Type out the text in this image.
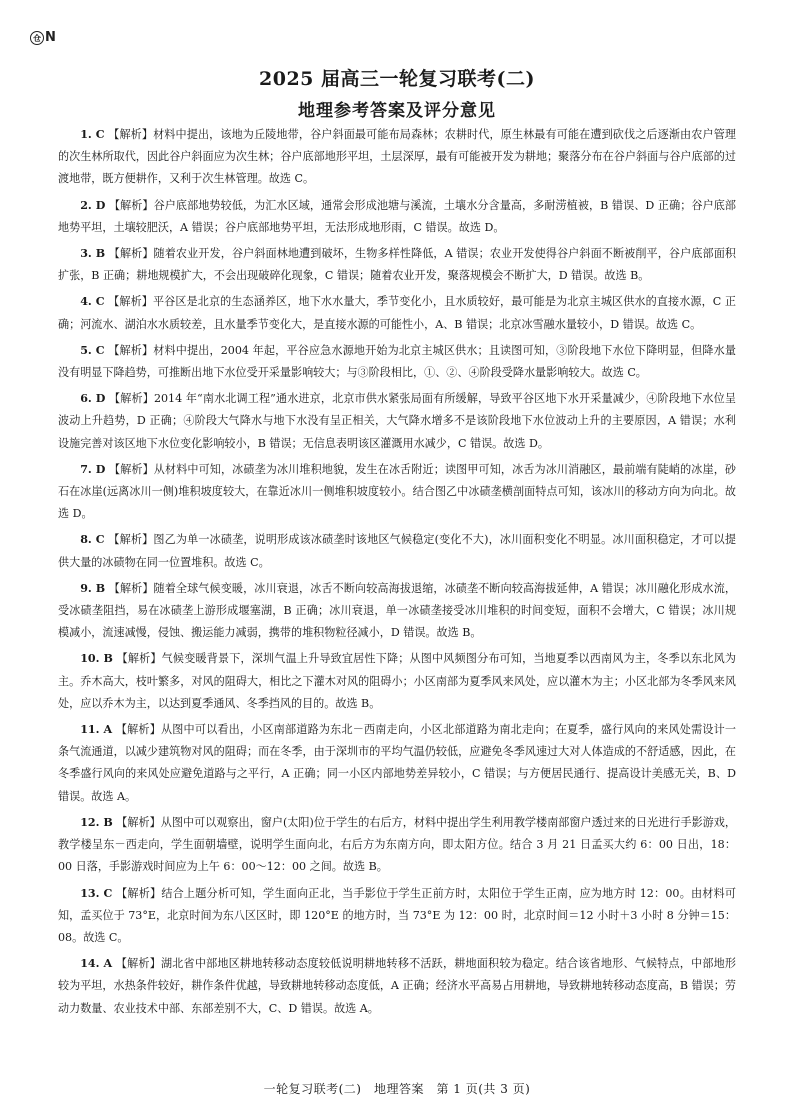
仓 N
2025 届高三一轮复习联考(二)
地理参考答案及评分意见

1. C 【解析】材料中提出，该地为丘陵地带，谷户斜面最可能布局森林；农耕时代，原生林最有可能在遭到砍伐之后逐渐由农户管理的次生林所取代，因此谷户斜面应为次生林；谷户底部地形平坦，土层深厚，最有可能被开发为耕地；聚落分布在谷户斜面与谷户底部的过渡地带，既方便耕作，又利于次生林管理。故选 C。

2. D 【解析】谷户底部地势较低，为汇水区域，通常会形成池塘与溪流，土壤水分含量高，多耐涝植被，B 错误、D 正确；谷户底部地势平坦，土壤较肥沃，A 错误；谷户底部地势平坦，无法形成地形雨，C 错误。故选 D。

3. B 【解析】随着农业开发，谷户斜面林地遭到破坏，生物多样性降低，A 错误；农业开发使得谷户斜面不断被削平，谷户底部面积扩张，B 正确；耕地规模扩大，不会出现破碎化现象，C 错误；随着农业开发，聚落规模会不断扩大，D 错误。故选 B。

4. C 【解析】平谷区是北京的生态涵养区，地下水水量大，季节变化小，且水质较好，最可能是为北京主城区供水的直接水源，C 正确；河流水、湖泊水水质较差，且水量季节变化大，是直接水源的可能性小，A、B 错误；北京冰雪融水量较小，D 错误。故选 C。

5. C 【解析】材料中提出，2004 年起，平谷应急水源地开始为北京主城区供水；且读图可知，③阶段地下水位下降明显，但降水量没有明显下降趋势，可推断出地下水位受开采量影响较大；与③阶段相比，①、②、④阶段受降水量影响较大。故选 C。

6. D 【解析】2014 年“南水北调工程”通水进京，北京市供水紧张局面有所缓解，导致平谷区地下水开采量减少，④阶段地下水位呈波动上升趋势，D 正确；④阶段大气降水与地下水没有呈正相关，大气降水增多不是该阶段地下水位波动上升的主要原因，A 错误；水利设施完善对该区地下水位变化影响较小，B 错误；无信息表明该区灌溉用水减少，C 错误。故选 D。

7. D 【解析】从材料中可知，冰碛垄为冰川堆积地貌，发生在冰舌附近；读图甲可知，冰舌为冰川消融区，最前端有陡峭的冰崖，砂石在冰崖(远离冰川一侧)堆积坡度较大，在靠近冰川一侧堆积坡度较小。结合图乙中冰碛垄横剖面特点可知，该冰川的移动方向为向北。故选 D。

8. C 【解析】图乙为单一冰碛垄，说明形成该冰碛垄时该地区气候稳定(变化不大)，冰川面积变化不明显。冰川面积稳定，才可以提供大量的冰碛物在同一位置堆积。故选 C。

9. B 【解析】随着全球气候变暖，冰川衰退，冰舌不断向较高海拔退缩，冰碛垄不断向较高海拔延伸，A 错误；冰川融化形成水流，受冰碛垄阻挡，易在冰碛垄上游形成堰塞湖，B 正确；冰川衰退，单一冰碛垄接受冰川堆积的时间变短，面积不会增大，C 错误；冰川规模减小，流速减慢，侵蚀、搬运能力减弱，携带的堆积物粒径减小，D 错误。故选 B。

10. B 【解析】气候变暖背景下，深圳气温上升导致宜居性下降；从图中风频图分布可知，当地夏季以西南风为主，冬季以东北风为主。乔木高大，枝叶繁多，对风的阻碍大，相比之下灌木对风的阻碍小；小区南部为夏季风来风处，应以灌木为主；小区北部为冬季风来风处，应以乔木为主，以达到夏季通风、冬季挡风的目的。故选 B。

11. A 【解析】从图中可以看出，小区南部道路为东北－西南走向，小区北部道路为南北走向；在夏季，盛行风向的来风处需设计一条气流通道，以减少建筑物对风的阻碍；而在冬季，由于深圳市的平均气温仍较低，应避免冬季风速过大对人体造成的不舒适感，因此，在冬季盛行风向的来风处应避免道路与之平行，A 正确；同一小区内部地势差异较小，C 错误；与方便居民通行、提高设计美感无关，B、D 错误。故选 A。

12. B 【解析】从图中可以观察出，窗户(太阳)位于学生的右后方，材料中提出学生利用教学楼南部窗户透过来的日光进行手影游戏，教学楼呈东－西走向，学生面朝墙壁，说明学生面向北，右后方为东南方向，即太阳方位。结合 3 月 21 日孟买大约 6：00 日出，18：00 日落，手影游戏时间应为上午 6：00～12：00 之间。故选 B。

13. C 【解析】结合上题分析可知，学生面向正北，当手影位于学生正前方时，太阳位于学生正南，应为地方时 12：00。由材料可知，孟买位于 73°E，北京时间为东八区区时，即 120°E 的地方时，当 73°E 为 12：00 时，北京时间＝12 小时＋3 小时 8 分钟＝15：08。故选 C。

14. A 【解析】湖北省中部地区耕地转移动态度较低说明耕地转移不活跃，耕地面积较为稳定。结合该省地形、气候特点，中部地形较为平坦，水热条件较好，耕作条件优越，导致耕地转移动态度低，A 正确；经济水平高易占用耕地，导致耕地转移动态度高，B 错误；劳动力数量、农业技术中部、东部差别不大，C、D 错误。故选 A。

一轮复习联考(二)　地理答案　第 1 页(共 3 页)
